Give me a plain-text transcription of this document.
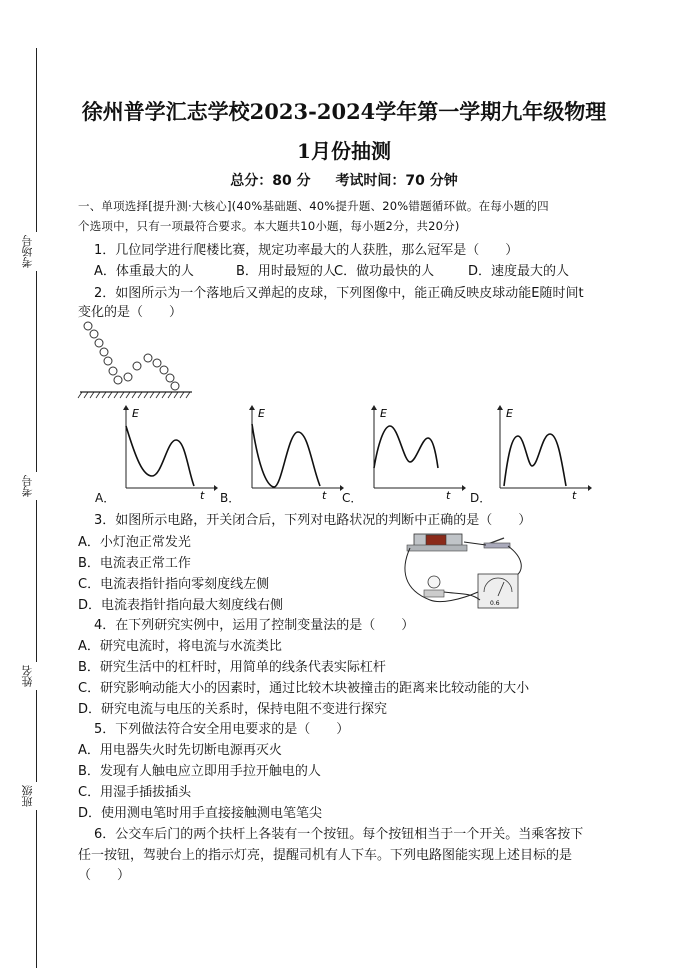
考场号
考号
姓名
班级
徐州普学汇志学校2023-2024学年第一学期九年级物理
1月份抽测
总分：80 分 考试时间：70 分钟
一、单项选择[提升测·大核心](40%基础题、40%提升题、20%错题循环做。在每小题的四
个选项中，只有一项最符合要求。本大题共10小题，每小题2分，共20分)
1．几位同学进行爬楼比赛，规定功率最大的人获胜，那么冠军是（　　）
A．体重最大的人	B．用时最短的人C．做功最快的人	D．速度最大的人
2．如图所示为一个落地后又弹起的皮球，下列图像中，能正确反映皮球动能E随时间t
变化的是（　　）
E
t
A．
E
t
B．
E
t
C．
E
t
D．
3．如图所示电路，开关闭合后，下列对电路状况的判断中正确的是（　　）
A．小灯泡正常发光
B．电流表正常工作
C．电流表指针指向零刻度线左侧
D．电流表指针指向最大刻度线右侧	0.6
4．在下列研究实例中，运用了控制变量法的是（　　）
A．研究电流时，将电流与水流类比
B．研究生活中的杠杆时，用简单的线条代表实际杠杆
C．研究影响动能大小的因素时，通过比较木块被撞击的距离来比较动能的大小
D．研究电流与电压的关系时，保持电阻不变进行探究
5．下列做法符合安全用电要求的是（　　）
A．用电器失火时先切断电源再灭火
B．发现有人触电应立即用手拉开触电的人
C．用湿手插拔插头
D．使用测电笔时用手直接接触测电笔笔尖
6．公交车后门的两个扶杆上各装有一个按钮。每个按钮相当于一个开关。当乘客按下
任一按钮，驾驶台上的指示灯亮，提醒司机有人下车。下列电路图能实现上述目标的是
（　　）
